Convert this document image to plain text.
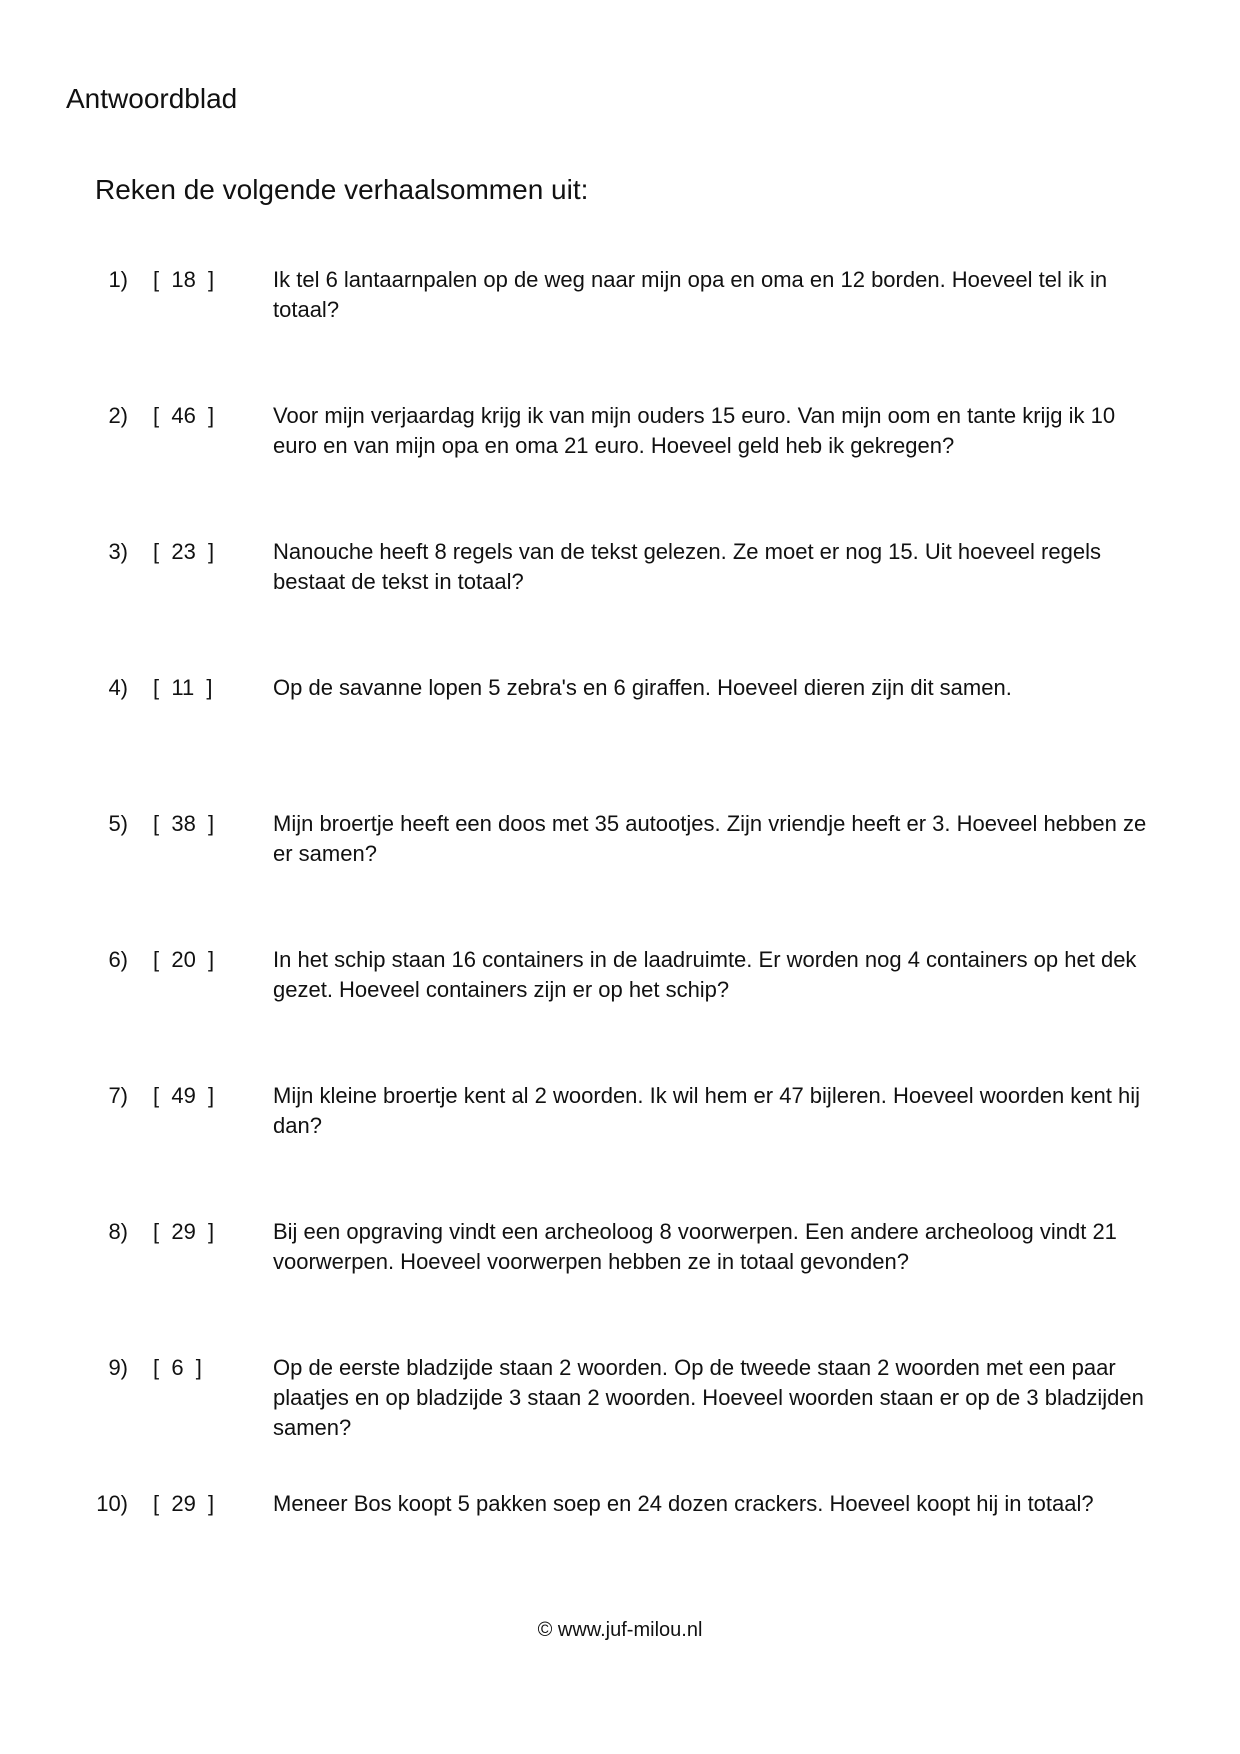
Antwoordblad
Reken de volgende verhaalsommen uit:
1) [  18  ]	Ik tel 6 lantaarnpalen op de weg naar mijn opa en oma en 12 borden. Hoeveel tel ik in totaal?

2) [  46  ]	Voor mijn verjaardag krijg ik van mijn ouders 15 euro. Van mijn oom en tante krijg ik 10 euro en van mijn opa en oma 21 euro. Hoeveel geld heb ik gekregen?

3) [  23  ]	Nanouche heeft 8 regels van de tekst gelezen. Ze moet er nog 15. Uit hoeveel regels bestaat de tekst in totaal?

4) [  11  ]	Op de savanne lopen 5 zebra's en 6 giraffen. Hoeveel dieren zijn dit samen.

5) [  38  ]	Mijn broertje heeft een doos met 35 autootjes. Zijn vriendje heeft er 3. Hoeveel hebben ze er samen?

6) [  20  ]	In het schip staan 16 containers in de laadruimte. Er worden nog 4 containers op het dek gezet. Hoeveel containers zijn er op het schip?

7) [  49  ]	Mijn kleine broertje kent al 2 woorden. Ik wil hem er 47 bijleren. Hoeveel woorden kent hij dan?

8) [  29  ]	Bij een opgraving vindt een archeoloog 8 voorwerpen. Een andere archeoloog vindt 21 voorwerpen. Hoeveel voorwerpen hebben ze in totaal gevonden?

9) [  6  ]	Op de eerste bladzijde staan 2 woorden. Op de tweede staan 2 woorden met een paar plaatjes en op bladzijde 3 staan 2 woorden. Hoeveel woorden staan er op de 3 bladzijden samen?

10) [  29  ]	Meneer Bos koopt 5 pakken soep en 24 dozen crackers. Hoeveel koopt hij in totaal?

© www.juf-milou.nl
